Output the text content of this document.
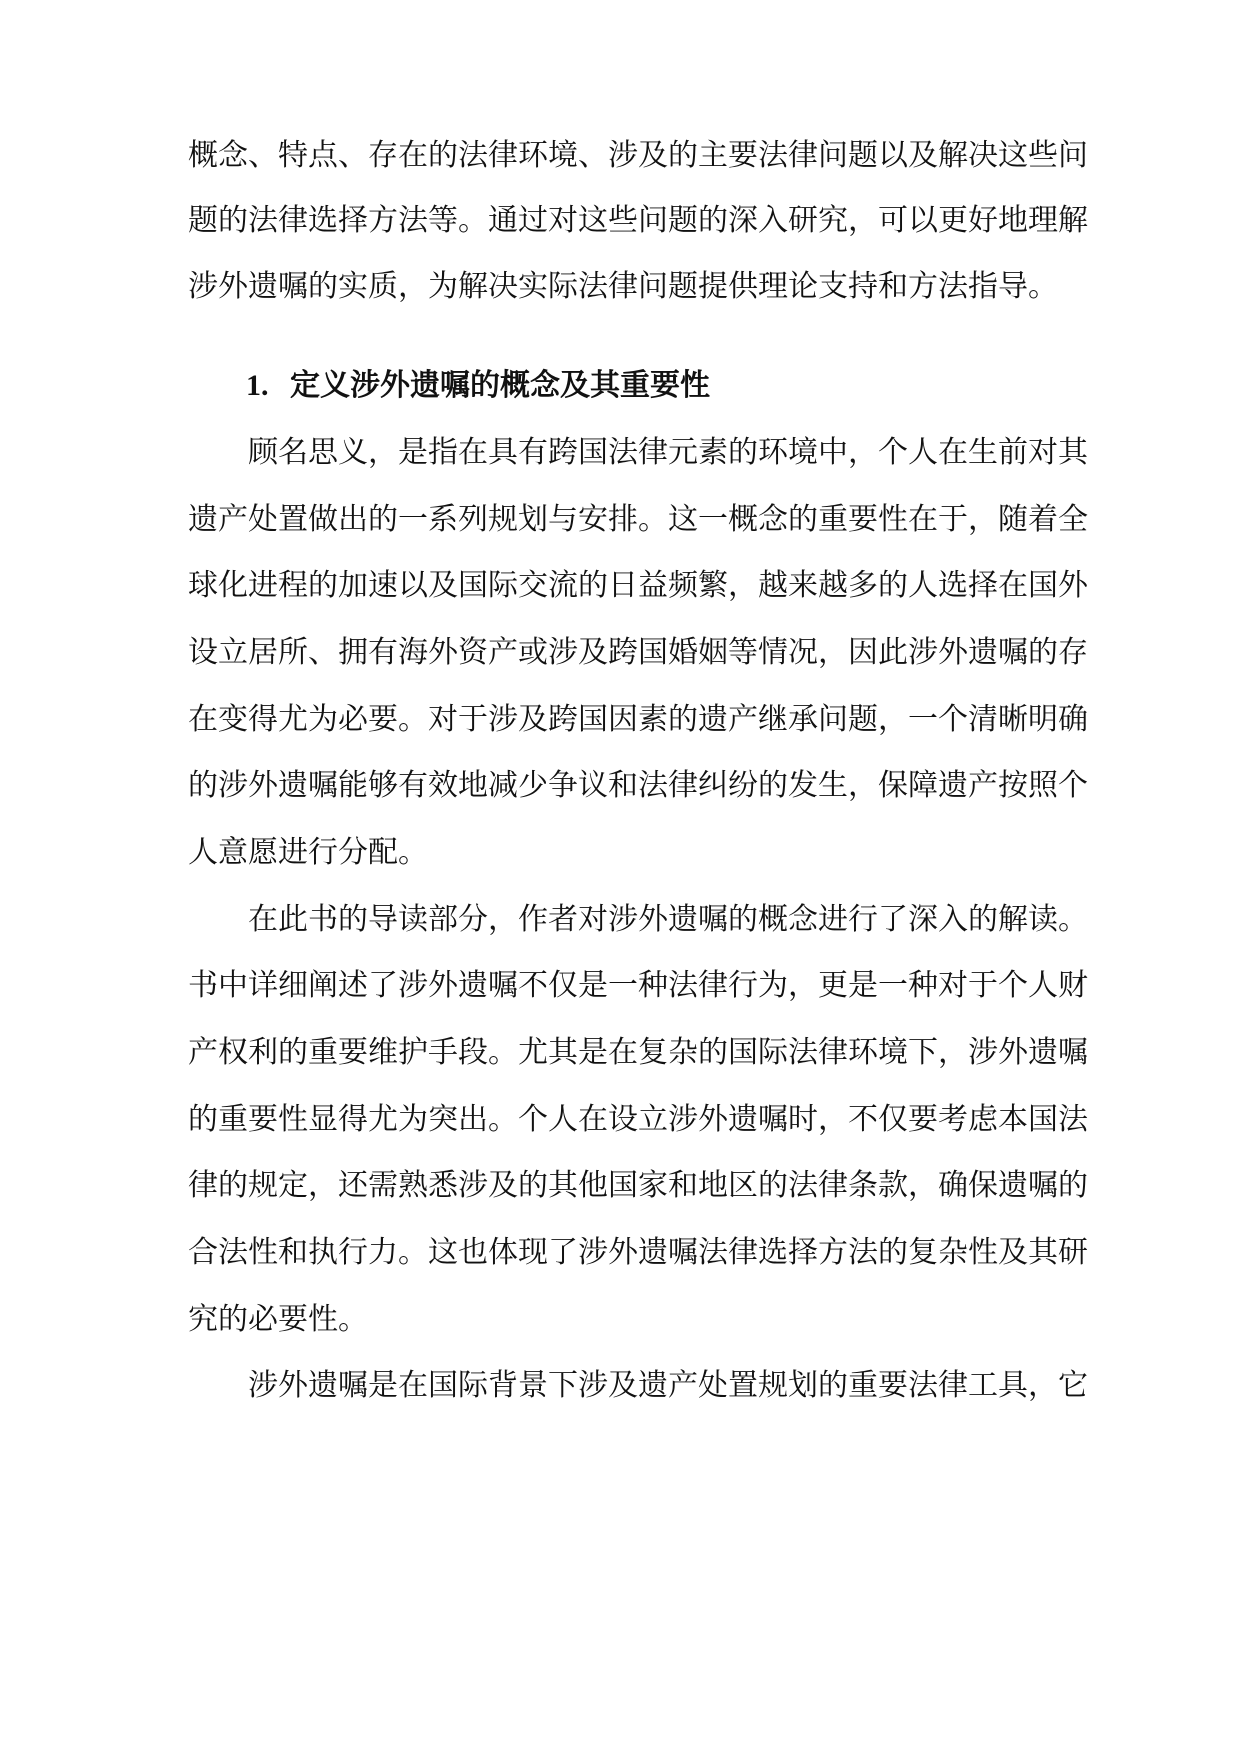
概念、特点、存在的法律环境、涉及的主要法律问题以及解决这些问
题的法律选择方法等。通过对这些问题的深入研究，可以更好地理解
涉外遗嘱的实质，为解决实际法律问题提供理论支持和方法指导。
1. 定义涉外遗嘱的概念及其重要性
顾名思义，是指在具有跨国法律元素的环境中，个人在生前对其
遗产处置做出的一系列规划与安排。这一概念的重要性在于，随着全
球化进程的加速以及国际交流的日益频繁，越来越多的人选择在国外
设立居所、拥有海外资产或涉及跨国婚姻等情况，因此涉外遗嘱的存
在变得尤为必要。对于涉及跨国因素的遗产继承问题，一个清晰明确
的涉外遗嘱能够有效地减少争议和法律纠纷的发生，保障遗产按照个
人意愿进行分配。
在此书的导读部分，作者对涉外遗嘱的概念进行了深入的解读。
书中详细阐述了涉外遗嘱不仅是一种法律行为，更是一种对于个人财
产权利的重要维护手段。尤其是在复杂的国际法律环境下，涉外遗嘱
的重要性显得尤为突出。个人在设立涉外遗嘱时，不仅要考虑本国法
律的规定，还需熟悉涉及的其他国家和地区的法律条款，确保遗嘱的
合法性和执行力。这也体现了涉外遗嘱法律选择方法的复杂性及其研
究的必要性。
涉外遗嘱是在国际背景下涉及遗产处置规划的重要法律工具，它
